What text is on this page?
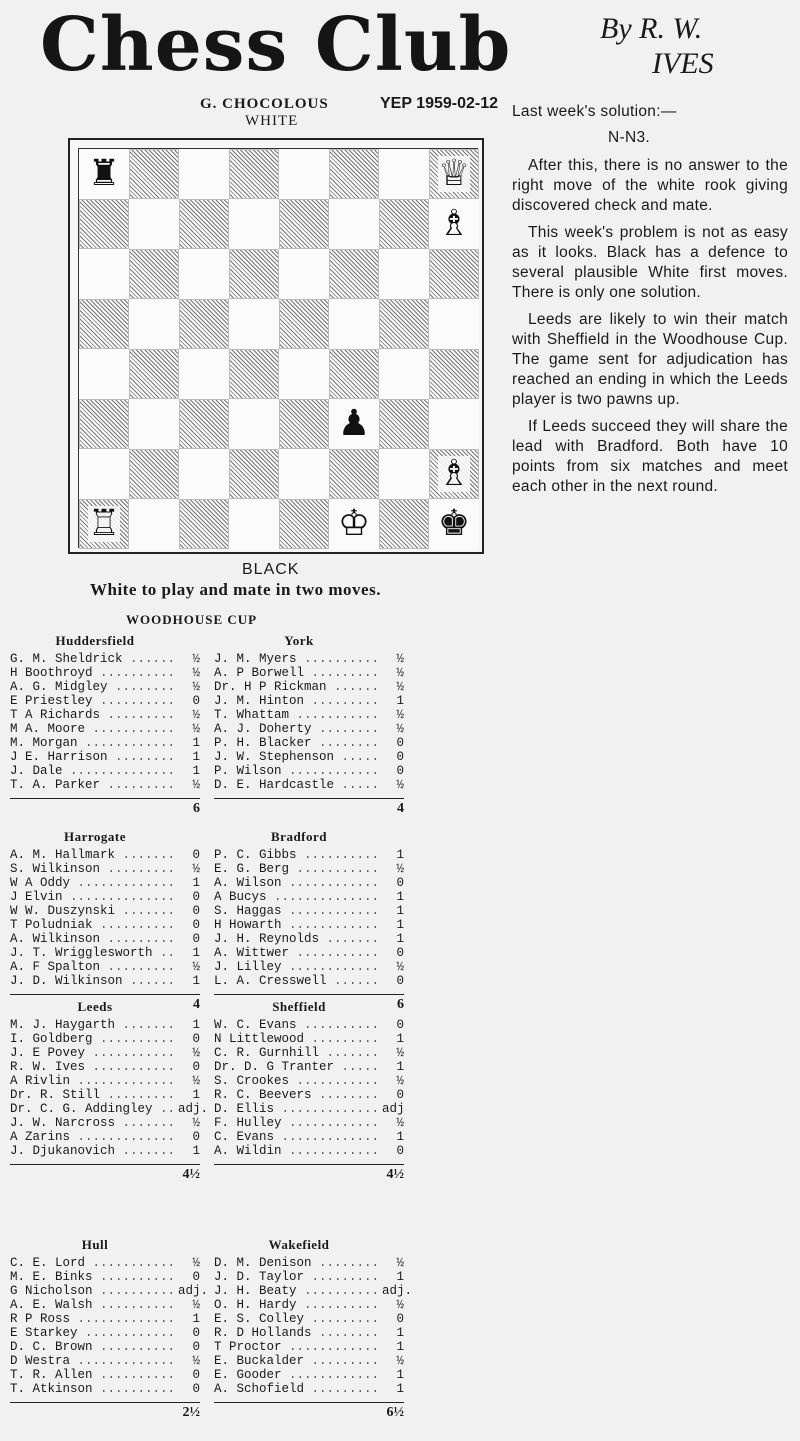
Chess Club	By R. W.
IVES
G. CHOCOLOUS	YEP 1959-02-12
WHITE
♜	♕
♗
♟
♗
♖	♔ ♚
BLACK
White to play and mate in two moves.
Last week's solution:—
N-N3.

After this, there is no answer to the right move of the white rook giving discovered check and mate.

This week's problem is not as easy as it looks. Black has a defence to several plausible White first moves. There is only one solution.

Leeds are likely to win their match with Sheffield in the Woodhouse Cup. The game sent for adjudication has reached an ending in which the Leeds player is two pawns up.

If Leeds succeed they will share the lead with Bradford. Both have 10 points from six matches and meet each other in the next round.

WOODHOUSE CUP
Huddersfield
G. M. Sheldrick .....	½
H Boothroyd .....	½
A. G. Midgley .....	½
E Priestley .....	0
T A Richards .....	½
M A. Moore .....	½
M. Morgan .....	1
J E. Harrison .....	1
J. Dale .....	1
T. A. Parker .....	½
6
York
J. M. Myers .....	½
A. P Borwell .....	½
Dr. H P Rickman .....	½
J. M. Hinton .....	1
T. Whattam .....	½
A. J. Doherty .....	½
P. H. Blacker .....	0
J. W. Stephenson .....	0
P. Wilson .....	0
D. E. Hardcastle .....	½
4
Harrogate
A. M. Hallmark .....	0
S. Wilkinson .....	½
W A Oddy .....	1
J Elvin .....	0
W W. Duszynski .....	0
T Poludniak .....	0
A. Wilkinson .....	0
J. T. Wrigglesworth .....	1
A. F Spalton .....	½
J. D. Wilkinson .....	1
4
Bradford
P. C. Gibbs .....	1
E. G. Berg .....	½
A. Wilson .....	0
A Bucys .....	1
S. Haggas .....	1
H Howarth .....	1
J. H. Reynolds .....	1
A. Wittwer .....	0
J. Lilley .....	½
L. A. Cresswell .....	0
6
Leeds
M. J. Haygarth .....	1
I. Goldberg .....	0
J. E Povey .....	½
R. W. Ives .....	0
A Rivlin .....	½
Dr. R. Still .....	1
Dr. C. G. Addingley .....	adj.
J. W. Narcross .....	½
A Zarins .....	0
J. Djukanovich .....	1
4½
Sheffield
W. C. Evans .....	0
N Littlewood .....	1
C. R. Gurnhill .....	½
Dr. D. G Tranter .....	1
S. Crookes .....	½
R. C. Beevers .....	0
D. Ellis .....	adj
F. Hulley .....	½
C. Evans .....	1
A. Wildin .....	0
4½
Hull
C. E. Lord .....	½
M. E. Binks .....	0
G Nicholson .....	adj.
A. E. Walsh .....	½
R P Ross .....	1
E Starkey .....	0
D. C. Brown .....	0
D Westra .....	½
T. R. Allen .....	0
T. Atkinson .....	0
2½
Wakefield
D. M. Denison .....	½
J. D. Taylor .....	1
J. H. Beaty .....	adj.
O. H. Hardy .....	½
E. S. Colley .....	0
R. D Hollands .....	1
T Proctor .....	1
E. Buckalder .....	½
E. Gooder .....	1
A. Schofield .....	1
6½
